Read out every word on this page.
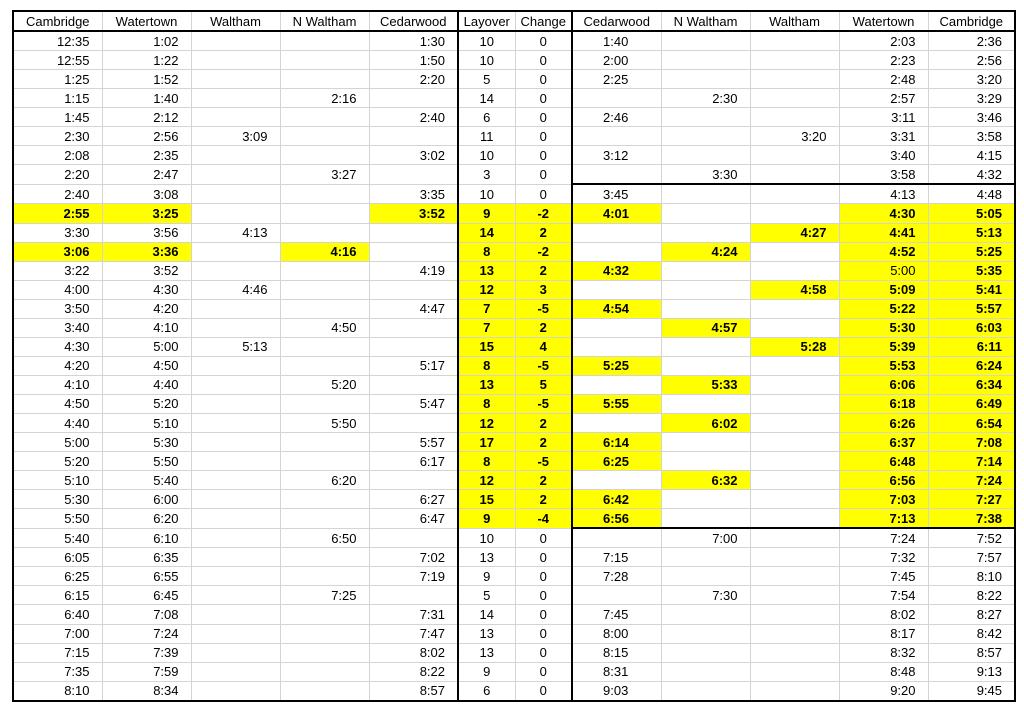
Cambridge	Watertown	Waltham	N Waltham	Cedarwood	Layover	Change	Cedarwood	N Waltham	Waltham	Watertown	Cambridge
12:35	1:02			1:30	10	0	1:40			2:03	2:36
12:55	1:22			1:50	10	0	2:00			2:23	2:56
1:25	1:52			2:20	5	0	2:25			2:48	3:20
1:15	1:40		2:16		14	0		2:30		2:57	3:29
1:45	2:12			2:40	6	0	2:46			3:11	3:46
2:30	2:56	3:09			11	0			3:20	3:31	3:58
2:08	2:35			3:02	10	0	3:12			3:40	4:15
2:20	2:47		3:27		3	0		3:30		3:58	4:32
2:40	3:08			3:35	10	0	3:45			4:13	4:48
2:55	3:25			3:52	9	-2	4:01			4:30	5:05
3:30	3:56	4:13			14	2			4:27	4:41	5:13
3:06	3:36		4:16		8	-2		4:24		4:52	5:25
3:22	3:52			4:19	13	2	4:32			5:00	5:35
4:00	4:30	4:46			12	3			4:58	5:09	5:41
3:50	4:20			4:47	7	-5	4:54			5:22	5:57
3:40	4:10		4:50		7	2		4:57		5:30	6:03
4:30	5:00	5:13			15	4			5:28	5:39	6:11
4:20	4:50			5:17	8	-5	5:25			5:53	6:24
4:10	4:40		5:20		13	5		5:33		6:06	6:34
4:50	5:20			5:47	8	-5	5:55			6:18	6:49
4:40	5:10		5:50		12	2		6:02		6:26	6:54
5:00	5:30			5:57	17	2	6:14			6:37	7:08
5:20	5:50			6:17	8	-5	6:25			6:48	7:14
5:10	5:40		6:20		12	2		6:32		6:56	7:24
5:30	6:00			6:27	15	2	6:42			7:03	7:27
5:50	6:20			6:47	9	-4	6:56			7:13	7:38
5:40	6:10		6:50		10	0		7:00		7:24	7:52
6:05	6:35			7:02	13	0	7:15			7:32	7:57
6:25	6:55			7:19	9	0	7:28			7:45	8:10
6:15	6:45		7:25		5	0		7:30		7:54	8:22
6:40	7:08			7:31	14	0	7:45			8:02	8:27
7:00	7:24			7:47	13	0	8:00			8:17	8:42
7:15	7:39			8:02	13	0	8:15			8:32	8:57
7:35	7:59			8:22	9	0	8:31			8:48	9:13
8:10	8:34			8:57	6	0	9:03			9:20	9:45
